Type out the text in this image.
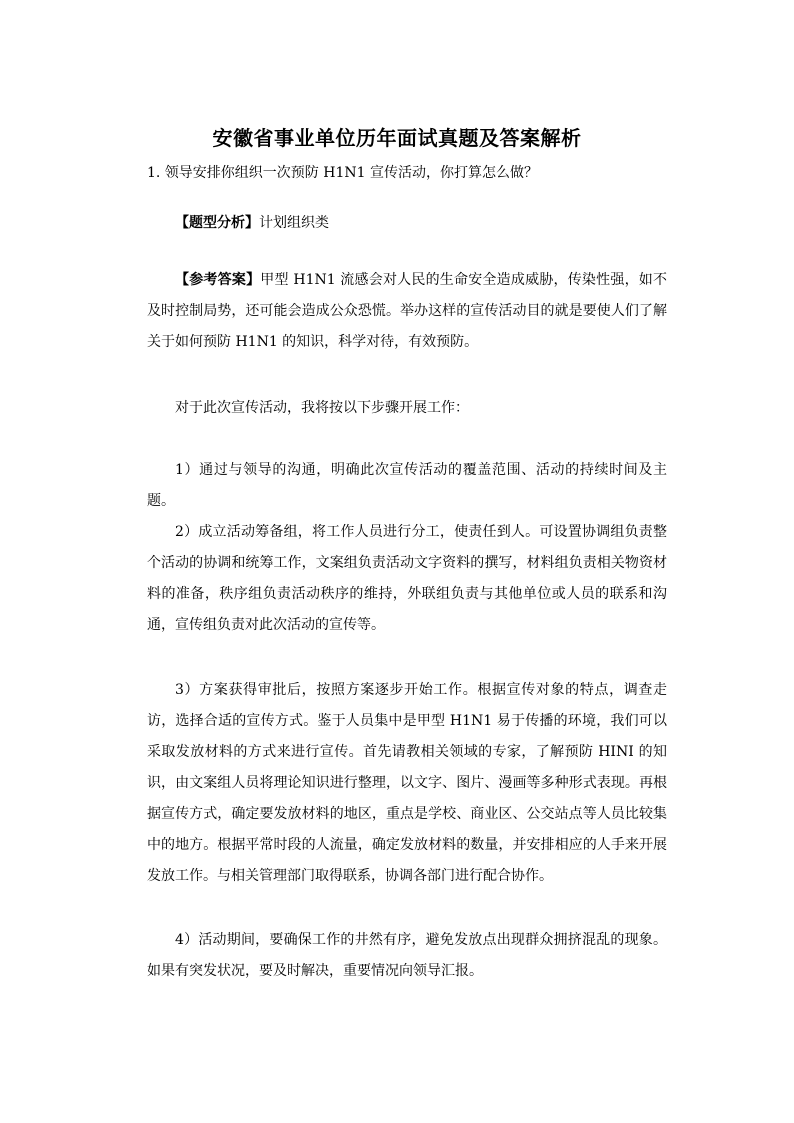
安徽省事业单位历年面试真题及答案解析

1. 领导安排你组织一次预防 H1N1 宣传活动，你打算怎么做？

【题型分析】计划组织类

【参考答案】甲型 H1N1 流感会对人民的生命安全造成威胁，传染性强，如不及时控制局势，还可能会造成公众恐慌。举办这样的宣传活动目的就是要使人们了解关于如何预防 H1N1 的知识，科学对待，有效预防。

对于此次宣传活动，我将按以下步骤开展工作：

1）通过与领导的沟通，明确此次宣传活动的覆盖范围、活动的持续时间及主题。

2）成立活动筹备组，将工作人员进行分工，使责任到人。可设置协调组负责整个活动的协调和统筹工作，文案组负责活动文字资料的撰写，材料组负责相关物资材料的准备，秩序组负责活动秩序的维持，外联组负责与其他单位或人员的联系和沟通，宣传组负责对此次活动的宣传等。

3）方案获得审批后，按照方案逐步开始工作。根据宣传对象的特点，调查走访，选择合适的宣传方式。鉴于人员集中是甲型 H1N1 易于传播的环境，我们可以采取发放材料的方式来进行宣传。首先请教相关领域的专家，了解预防 HINI 的知识，由文案组人员将理论知识进行整理，以文字、图片、漫画等多种形式表现。再根据宣传方式，确定要发放材料的地区，重点是学校、商业区、公交站点等人员比较集中的地方。根据平常时段的人流量，确定发放材料的数量，并安排相应的人手来开展发放工作。与相关管理部门取得联系，协调各部门进行配合协作。

4）活动期间，要确保工作的井然有序，避免发放点出现群众拥挤混乱的现象。如果有突发状况，要及时解决，重要情况向领导汇报。
